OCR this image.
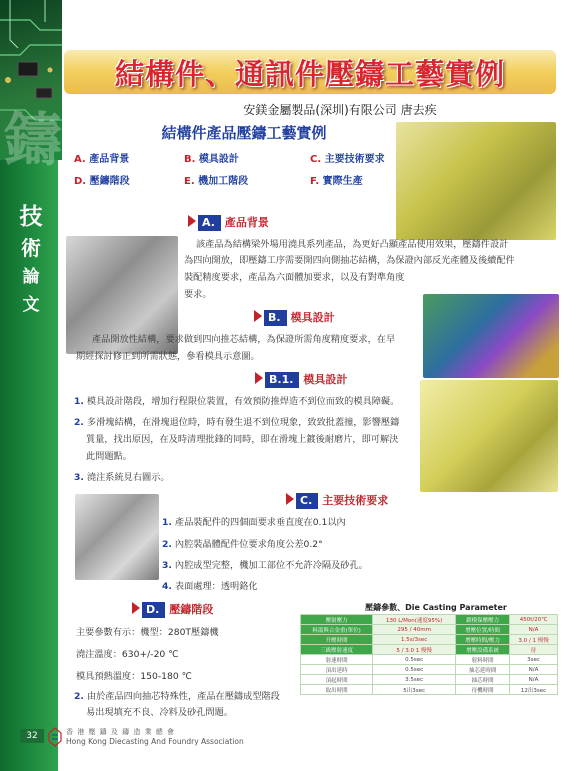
鑄
技
術
論
文
結構件、通訊件壓鑄工藝實例
安鎂金屬製品(深圳)有限公司 唐去疾
結構件產品壓鑄工藝實例
A. 產品背景	B. 模具設計	C. 主要技術要求
D. 壓鑄階段	E. 機加工階段	F. 實際生產
A. 產品背景
該產品為結構梁外場用澆具系列產品，為更好凸顯產品使用效果，壓鑄件設計
為四向開放，即壓鑄工序需要開四向側抽芯結構，為保證內部反光產體及後續配件
裝配精度要求，產品為六面體加要求，以及有對準角度
要求。
B. 模具設計
產品開放性結構，要求做到四向推芯結構，為保證所需角度精度要求，在早
期經探討修正到所需狀態，參看模具示意圖。
B.1. 模具設計
1. 模具設計階段，增加行程限位裝置，有效預防推焊造不到位而致的模具障礙。
2. 多滑塊結構，在滑塊退位時，時有發生退不到位現象，致致批蓋撞，影響壓鑄
質量，找出原因，在及時清理批鋒的同時，即在滑塊上鍍後耐磨片，即可解決
此問題點。
3. 澆注系統見右圖示。
C. 主要技術要求
1. 產品裝配件的四個面要求垂直度在0.1以內
2. 內腔裝晶體配件位要求角度公差0.2°
3. 內腔成型完整，機加工部位不允許冷隔及砂孔。
4. 表面處理：透明鉻化
D. 壓鑄階段
主要參數有示：機型：280T壓鑄機
澆注溫度：630+/-20 ℃
模具預熱溫度：150-180 ℃
2. 由於產品四向抽芯特殊性，產品在壓鑄成型階段
易出現填充不良、冷料及砂孔問題。
壓鑄參數、Die Casting Parameter
壓射壓力	130 L/Mon(速度95%)	鎖模保壓壓力	450t/20℃
料溫與合金重(單位)	295 / 40mm	增壓位置/時間	N/A
升壓時間	1.5s/3sec	增壓時間/壓力	3.0 / 1 慢慢
三級壓射速度	5 / 3.0 1 慢慢	增壓設備系統	待
射速時間	0.5sec	射料時間	3sec
頂出延時	0.5sec	抽芯延時間	N/A
頂起時間	3.5sec	抽芯時間	N/A
取出時間	5出3sec	待機時間	12出3sec
32	香 港 壓 鑄 及 鑄 造 業 總 會
Hong Kong Diecasting And Foundry Association
